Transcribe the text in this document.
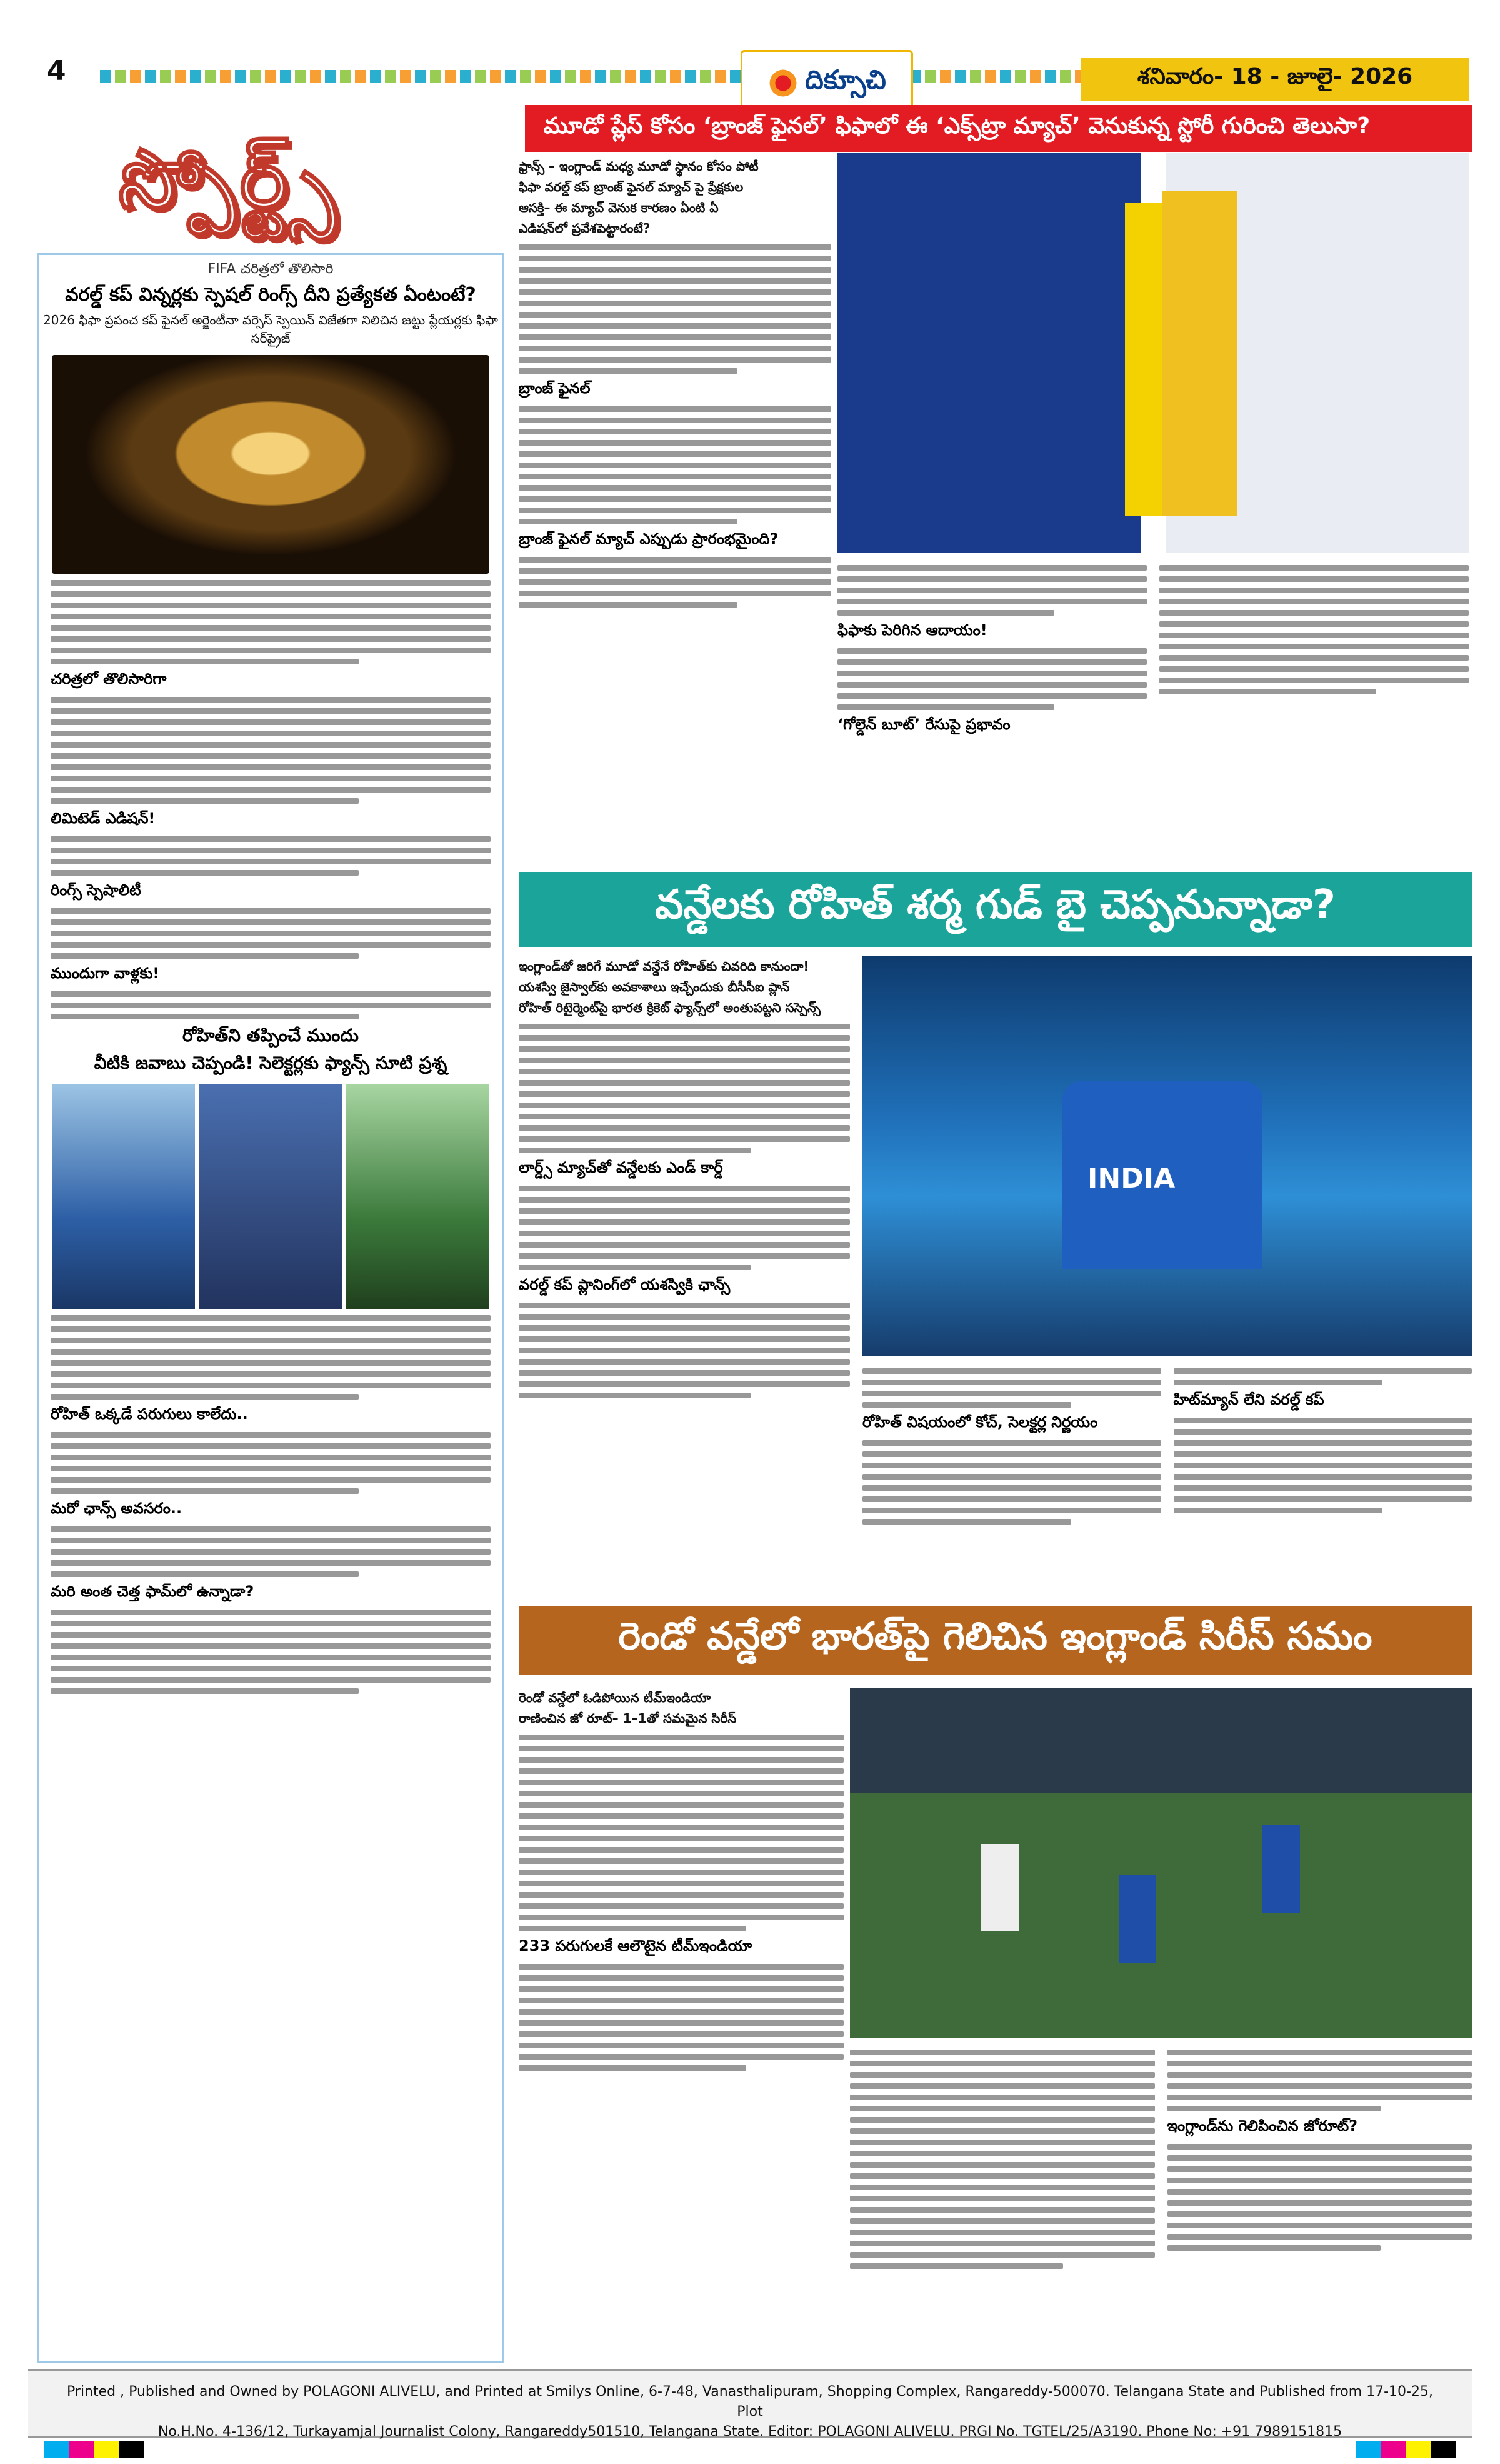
4	దిక్సూచి	శనివారం- 18 - జూలై- 2026
స్పోర్ట్స్
మూడో ప్లేస్ కోసం ‘బ్రాంజ్ ఫైనల్’ ఫిఫాలో ఈ ‘ఎక్స్‌ట్రా మ్యాచ్’ వెనుకున్న స్టోరీ గురించి తెలుసా?
FIFA చరిత్రలో తొలిసారి
వరల్డ్ కప్ విన్నర్లకు స్పెషల్ రింగ్స్ దీని ప్రత్యేకత ఏంటంటే?
2026 ఫిఫా ప్రపంచ కప్ ఫైనల్ అర్జెంటీనా వర్సెస్ స్పెయిన్ విజేతగా నిలిచిన జట్టు ప్లేయర్లకు ఫిఫా సర్‌ప్రైజ్
చరిత్రలో తొలిసారిగా
లిమిటెడ్ ఎడిషన్!
రింగ్స్ స్పెషాలిటీ
ముందుగా వాళ్లకు!
రోహిత్‌ని తప్పించే ముందు
వీటికి జవాబు చెప్పండి! సెలెక్టర్లకు ఫ్యాన్స్ సూటి ప్రశ్న
రోహిత్ ఒక్కడే పరుగులు కాలేదు..
మరో ఛాన్స్ అవసరం..
మరి అంత చెత్త ఫామ్‌లో ఉన్నాడా?
ఫ్రాన్స్ – ఇంగ్లాండ్ మధ్య మూడో స్థానం కోసం పోటీ
ఫిఫా వరల్డ్ కప్ బ్రాంజ్ ఫైనల్ మ్యాచ్ పై ప్రేక్షకుల
ఆసక్తి– ఈ మ్యాచ్ వెనుక కారణం ఏంటి ఏ
ఎడిషన్‌లో ప్రవేశపెట్టారంటే?
బ్రాంజ్ ఫైనల్
బ్రాంజ్ ఫైనల్ మ్యాచ్ ఎప్పుడు ప్రారంభమైంది?
ఫిఫాకు పెరిగిన ఆదాయం!
‘గోల్డెన్ బూట్’ రేసుపై ప్రభావం
వన్డేలకు రోహిత్ శర్మ గుడ్ బై చెప్పనున్నాడా?
ఇంగ్లాండ్‌తో జరిగే మూడో వన్డేనే రోహిత్‌కు చివరిది కానుందా!
యశస్వి జైస్వాల్‌కు అవకాశాలు ఇచ్చేందుకు బీసీసీఐ ప్లాన్
రోహిత్ రిటైర్మెంట్‌పై భారత క్రికెట్ ఫ్యాన్స్‌లో అంతుపట్టని సస్పెన్స్
లార్డ్స్ మ్యాచ్‌తో వన్డేలకు ఎండ్ కార్డ్
వరల్డ్ కప్ ప్లానింగ్‌లో యశస్వికి ఛాన్స్
INDIA
రోహిత్ విషయంలో కోచ్, సెలక్టర్ల నిర్ణయం
హిట్‌మ్యాన్ లేని వరల్డ్ కప్
రెండో వన్డేలో భారత్‌పై గెలిచిన ఇంగ్లాండ్ సిరీస్ సమం
రెండో వన్డేలో ఓడిపోయిన టీమ్‌ఇండియా
రాణించిన జో రూట్– 1–1తో సమమైన సిరీస్
233 పరుగులకే ఆలౌటైన టీమ్‌ఇండియా
ఇంగ్లాండ్‌ను గెలిపించిన జోరూట్?
Printed , Published and Owned by POLAGONI ALIVELU, and Printed at Smilys Online, 6-7-48, Vanasthalipuram, Shopping Complex, Rangareddy-500070. Telangana State and Published from 17-10-25, Plot
No.H.No. 4-136/12, Turkayamjal Journalist Colony, Rangareddy501510, Telangana State. Editor: POLAGONI ALIVELU. PRGI No. TGTEL/25/A3190. Phone No: +91 7989151815
